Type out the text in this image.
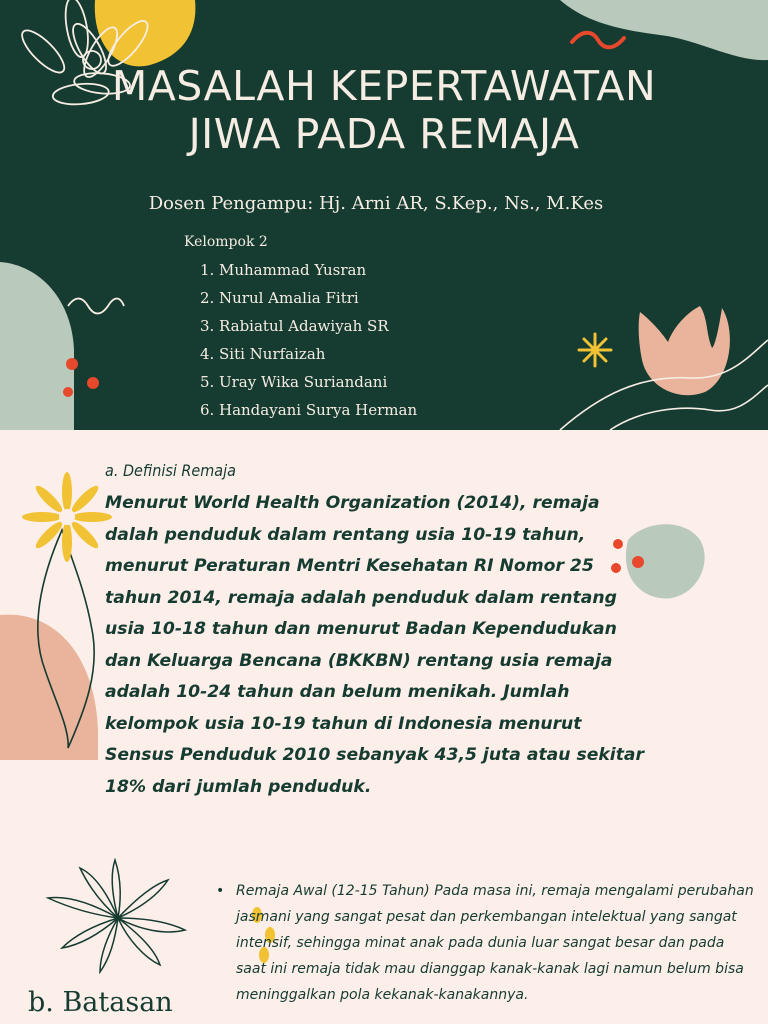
MASALAH KEPERTAWATAN
JIWA PADA REMAJA
Dosen Pengampu: Hj. Arni AR, S.Kep., Ns., M.Kes
Kelompok 2
1. Muhammad Yusran
2. Nurul Amalia Fitri
3. Rabiatul Adawiyah SR
4. Siti Nurfaizah
5. Uray Wika Suriandani
6. Handayani Surya Herman
a. Definisi Remaja

Menurut World Health Organization (2014), remaja dalah penduduk dalam rentang usia 10-19 tahun, menurut Peraturan Mentri Kesehatan RI Nomor 25 tahun 2014, remaja adalah penduduk dalam rentang usia 10-18 tahun dan menurut Badan Kependudukan dan Keluarga Bencana (BKKBN) rentang usia remaja adalah 10-24 tahun dan belum menikah. Jumlah kelompok usia 10-19 tahun di Indonesia menurut Sensus Penduduk 2010 sebanyak 43,5 juta atau sekitar 18% dari jumlah penduduk.

b. Batasan
• Remaja Awal (12-15 Tahun) Pada masa ini, remaja mengalami perubahan jasmani yang sangat pesat dan perkembangan intelektual yang sangat intensif, sehingga minat anak pada dunia luar sangat besar dan pada saat ini remaja tidak mau dianggap kanak-kanak lagi namun belum bisa meninggalkan pola kekanak-kanakannya.
